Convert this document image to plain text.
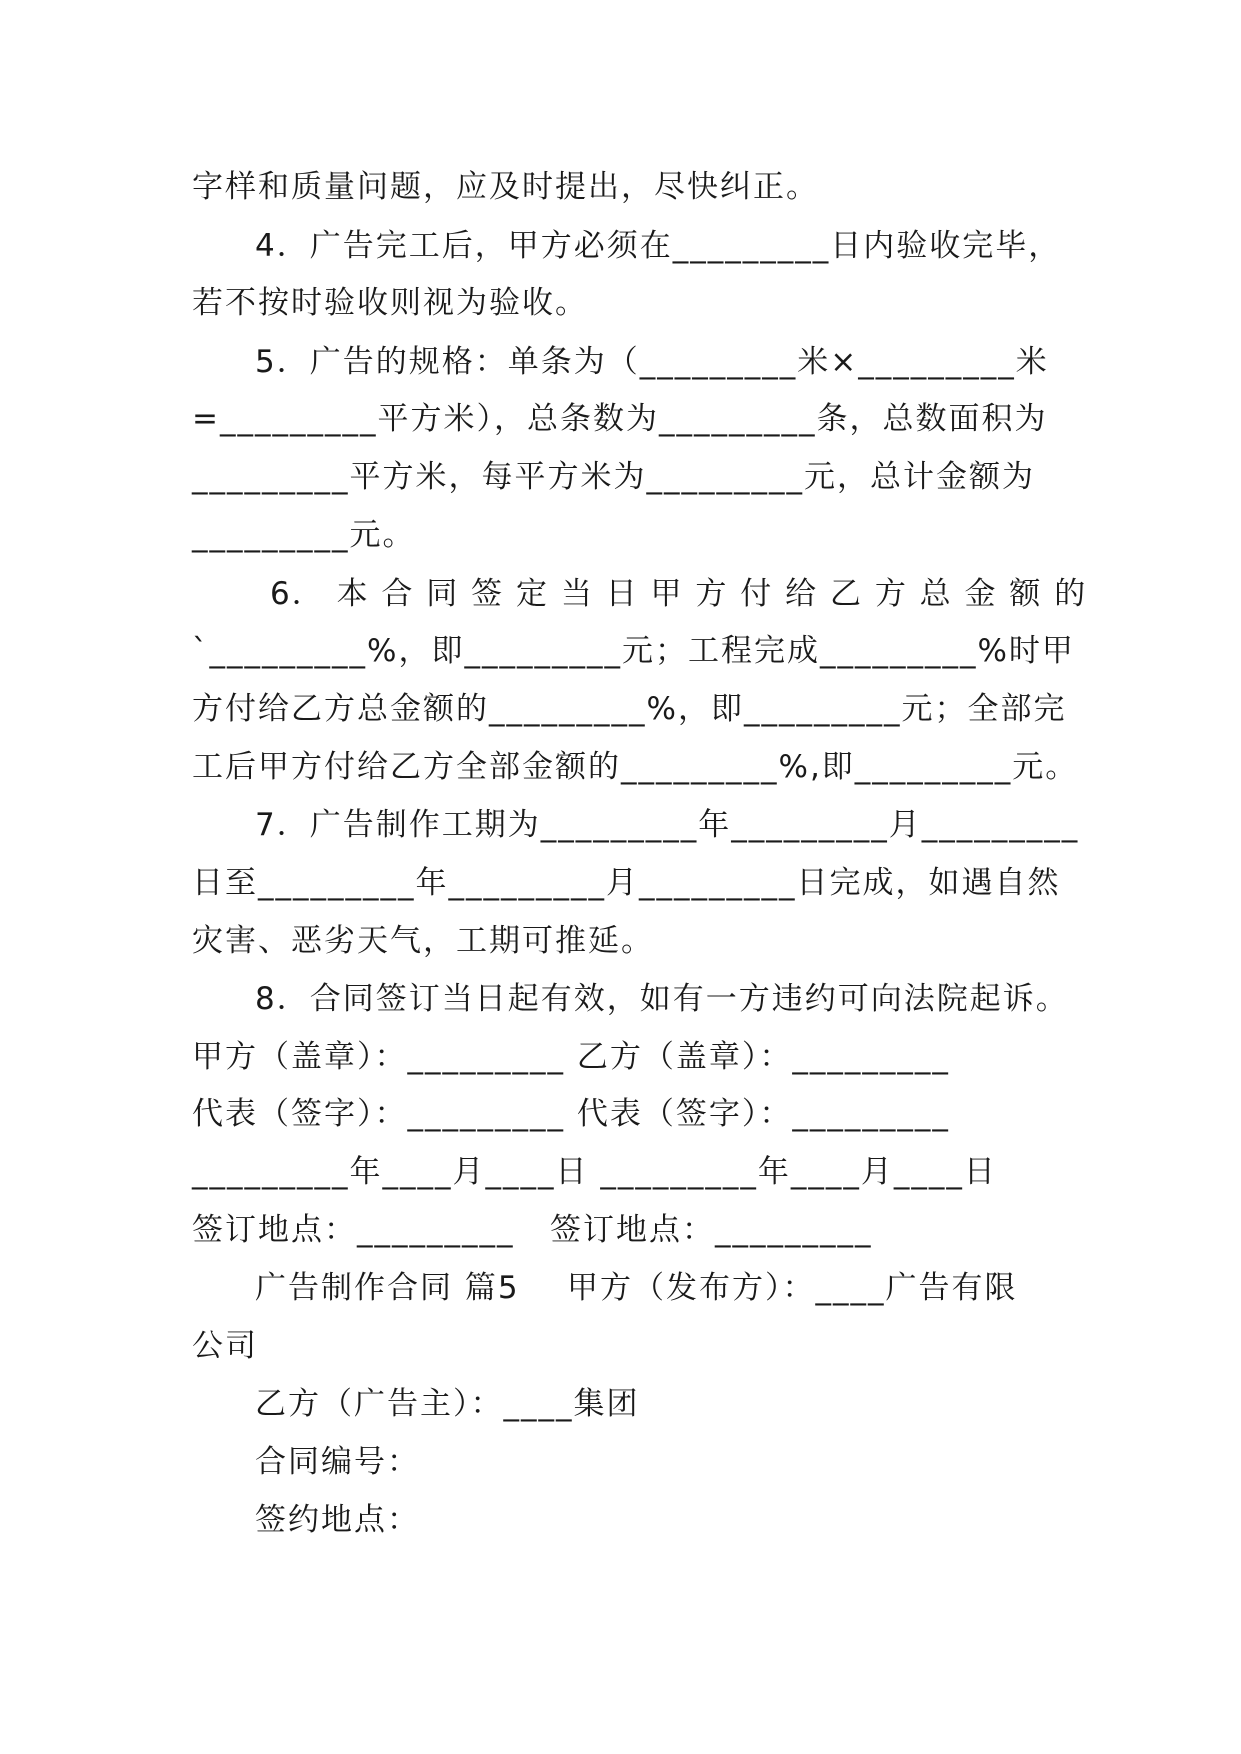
字样和质量问题，应及时提出，尽快纠正。
4．广告完工后，甲方必须在_________日内验收完毕，
若不按时验收则视为验收。
5．广告的规格：单条为（_________米×_________米
=_________平方米），总条数为_________条，总数面积为
_________平方米，每平方米为_________元，总计金额为
_________元。
6． 本 合 同 签 定 当 日 甲 方 付 给 乙 方 总 金 额 的
`_________%，即_________元；工程完成_________%时甲
方付给乙方总金额的_________%，即_________元；全部完
工后甲方付给乙方全部金额的_________%,即_________元。
7．广告制作工期为_________年_________月_________
日至_________年_________月_________日完成，如遇自然
灾害、恶劣天气，工期可推延。
8．合同签订当日起有效，如有一方违约可向法院起诉。
甲方（盖章）：_________ 乙方（盖章）：_________
代表（签字）：_________ 代表（签字）：_________
_________年____月____日 _________年____月____日
签订地点：_________   签订地点：_________
广告制作合同 篇5    甲方（发布方）：____广告有限
公司
乙方（广告主）：____集团
合同编号：
签约地点：
